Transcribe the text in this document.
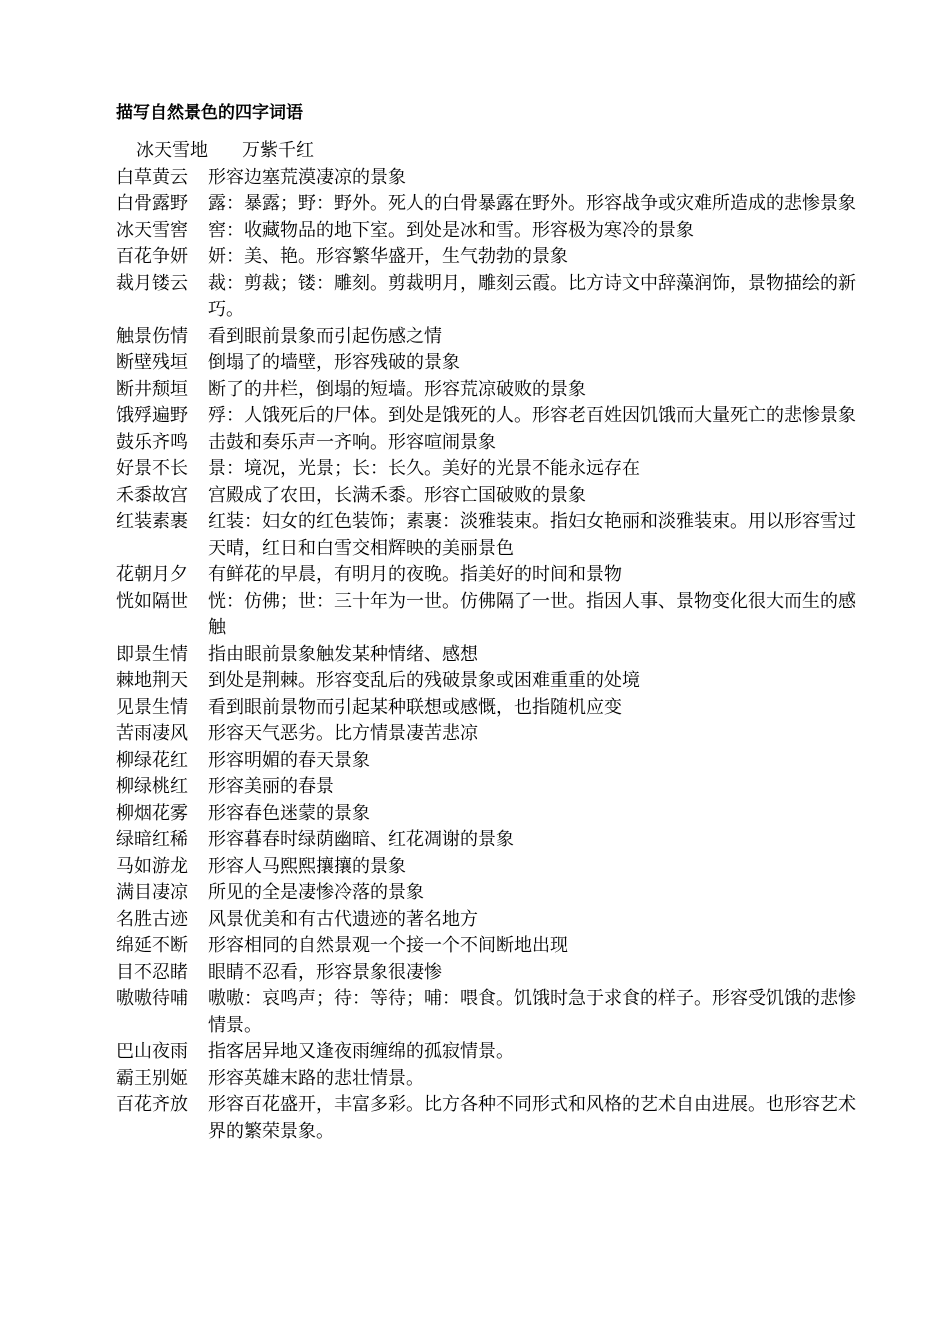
描写自然景色的四字词语
冰天雪地 万紫千红
白草黄云	形容边塞荒漠凄凉的景象
白骨露野	露：暴露；野：野外。死人的白骨暴露在野外。形容战争或灾难所造成的悲惨景象
冰天雪窖	窖：收藏物品的地下室。到处是冰和雪。形容极为寒冷的景象
百花争妍	妍：美、艳。形容繁华盛开，生气勃勃的景象
裁月镂云	裁：剪裁；镂：雕刻。剪裁明月，雕刻云霞。比方诗文中辞藻润饰，景物描绘的新巧。
触景伤情	看到眼前景象而引起伤感之情
断壁残垣	倒塌了的墙壁，形容残破的景象
断井颓垣	断了的井栏，倒塌的短墙。形容荒凉破败的景象
饿殍遍野	殍：人饿死后的尸体。到处是饿死的人。形容老百姓因饥饿而大量死亡的悲惨景象
鼓乐齐鸣	击鼓和奏乐声一齐响。形容喧闹景象
好景不长	景：境况，光景；长：长久。美好的光景不能永远存在
禾黍故宫	宫殿成了农田，长满禾黍。形容亡国破败的景象
红装素裹	红装：妇女的红色装饰；素裹：淡雅装束。指妇女艳丽和淡雅装束。用以形容雪过天晴，红日和白雪交相辉映的美丽景色
花朝月夕	有鲜花的早晨，有明月的夜晚。指美好的时间和景物
恍如隔世	恍：仿佛；世：三十年为一世。仿佛隔了一世。指因人事、景物变化很大而生的感触
即景生情	指由眼前景象触发某种情绪、感想
棘地荆天	到处是荆棘。形容变乱后的残破景象或困难重重的处境
见景生情	看到眼前景物而引起某种联想或感慨，也指随机应变
苦雨凄风	形容天气恶劣。比方情景凄苦悲凉
柳绿花红	形容明媚的春天景象
柳绿桃红	形容美丽的春景
柳烟花雾	形容春色迷蒙的景象
绿暗红稀	形容暮春时绿荫幽暗、红花凋谢的景象
马如游龙	形容人马熙熙攘攘的景象
满目凄凉	所见的全是凄惨冷落的景象
名胜古迹	风景优美和有古代遗迹的著名地方
绵延不断	形容相同的自然景观一个接一个不间断地出现
目不忍睹	眼睛不忍看，形容景象很凄惨
嗷嗷待哺	嗷嗷：哀鸣声；待：等待；哺：喂食。饥饿时急于求食的样子。形容受饥饿的悲惨情景。
巴山夜雨	指客居异地又逢夜雨缠绵的孤寂情景。
霸王别姬	形容英雄末路的悲壮情景。
百花齐放	形容百花盛开，丰富多彩。比方各种不同形式和风格的艺术自由进展。也形容艺术界的繁荣景象。
